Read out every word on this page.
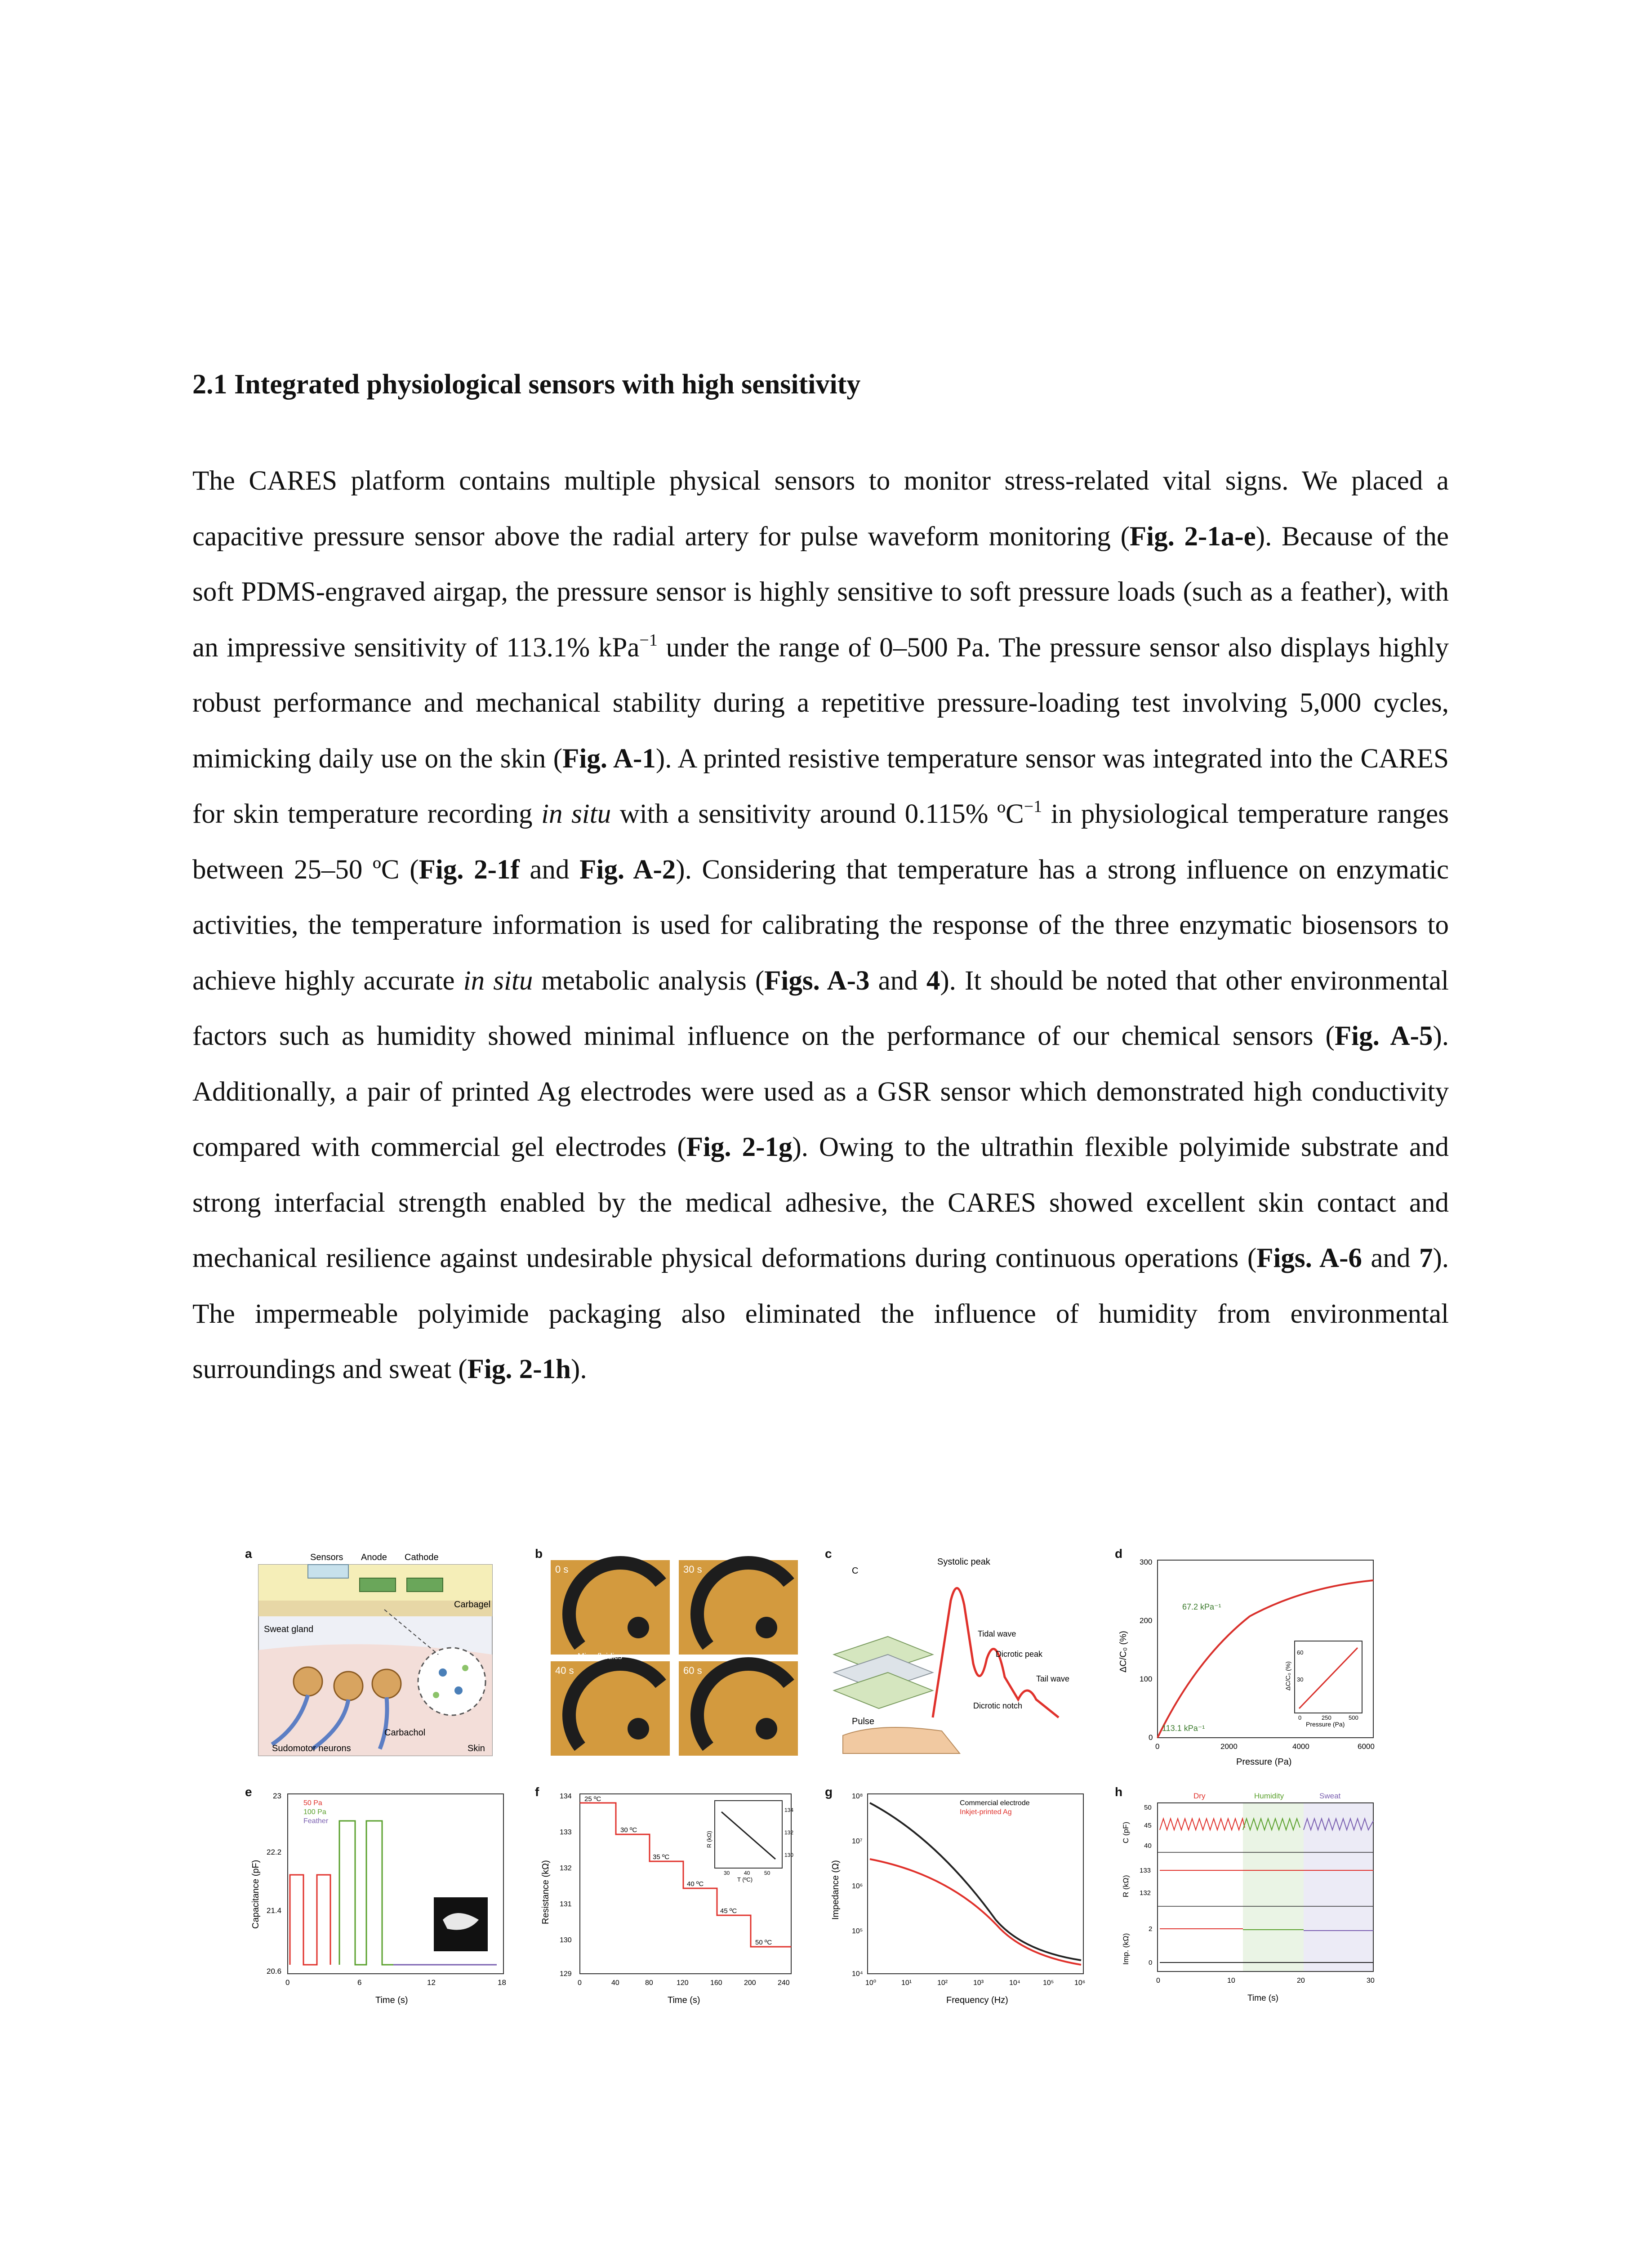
2.1 Integrated physiological sensors with high sensitivity
The CARES platform contains multiple physical sensors to monitor stress-related vital signs. We placed a capacitive pressure sensor above the radial artery for pulse waveform monitoring (Fig. 2-1a-e). Because of the soft PDMS-engraved airgap, the pressure sensor is highly sensitive to soft pressure loads (such as a feather), with an impressive sensitivity of 113.1% kPa$^{-1}$ under the range of 0–500 Pa. The pressure sensor also displays highly robust performance and mechanical stability during a repetitive pressure-loading test involving 5,000 cycles, mimicking daily use on the skin (Fig. A-1). A printed resistive temperature sensor was integrated into the CARES for skin temperature recording in situ with a sensitivity around 0.115% ºC$^{-1}$ in physiological temperature ranges between 25–50 ºC (Fig. 2-1f and Fig. A-2). Considering that temperature has a strong influence on enzymatic activities, the temperature information is used for calibrating the response of the three enzymatic biosensors to achieve highly accurate in situ metabolic analysis (Figs. A-3 and 4). It should be noted that other environmental factors such as humidity showed minimal influence on the performance of our chemical sensors (Fig. A-5). Additionally, a pair of printed Ag electrodes were used as a GSR sensor which demonstrated high conductivity compared with commercial gel electrodes (Fig. 2-1g). Owing to the ultrathin flexible polyimide substrate and strong interfacial strength enabled by the medical adhesive, the CARES showed excellent skin contact and mechanical resilience against undesirable physical deformations during continuous operations (Figs. A-6 and 7). The impermeable polyimide packaging also eliminated the influence of humidity from environmental surroundings and sweat (Fig. 2-1h).
a	Sensors Anode Cathode
Carbagel
Sweat gland
Carbachol
Sudomotor neurons	Skin
b
0 s	30 s
40 s	60 s
Microfluidics
c
C
Systolic peak
Tidal wave
Dicrotic peak
Tail wave
Dicrotic notch
Pulse
d
ΔC/C₀ (%)
Pressure (Pa)
300
200
100
0
0	2000	4000	6000
67.2 kPa⁻¹
113.1 kPa⁻¹
ΔC/C₀ (%)
Pressure (Pa)
60
30
0	250	500
e
Capacitance (pF)
Time (s)
23
22.2
21.4
20.6
0	6	12	18
50 Pa
100 Pa
Feather
f
Resistance (kΩ)
Time (s)
134
133
132
131
130
129
0	40	80	120	160	200	240
25 ºC
30 ºC
35 ºC
40 ºC
45 ºC
50 ºC
R (kΩ)
T (ºC)
134
132
130
30	40	50
g
Impedance (Ω)
Frequency (Hz)
Commercial electrode
Inkjet-printed Ag
10⁸
10⁷
10⁶
10⁵
10⁴
10⁰	10¹	10²	10³	10⁴	10⁵	10⁶
h	Dry	Humidity	Sweat
C (pF)
R (kΩ)
Imp. (kΩ)
50
45
40
133
132
2
0
0	10	20	30
Time (s)
